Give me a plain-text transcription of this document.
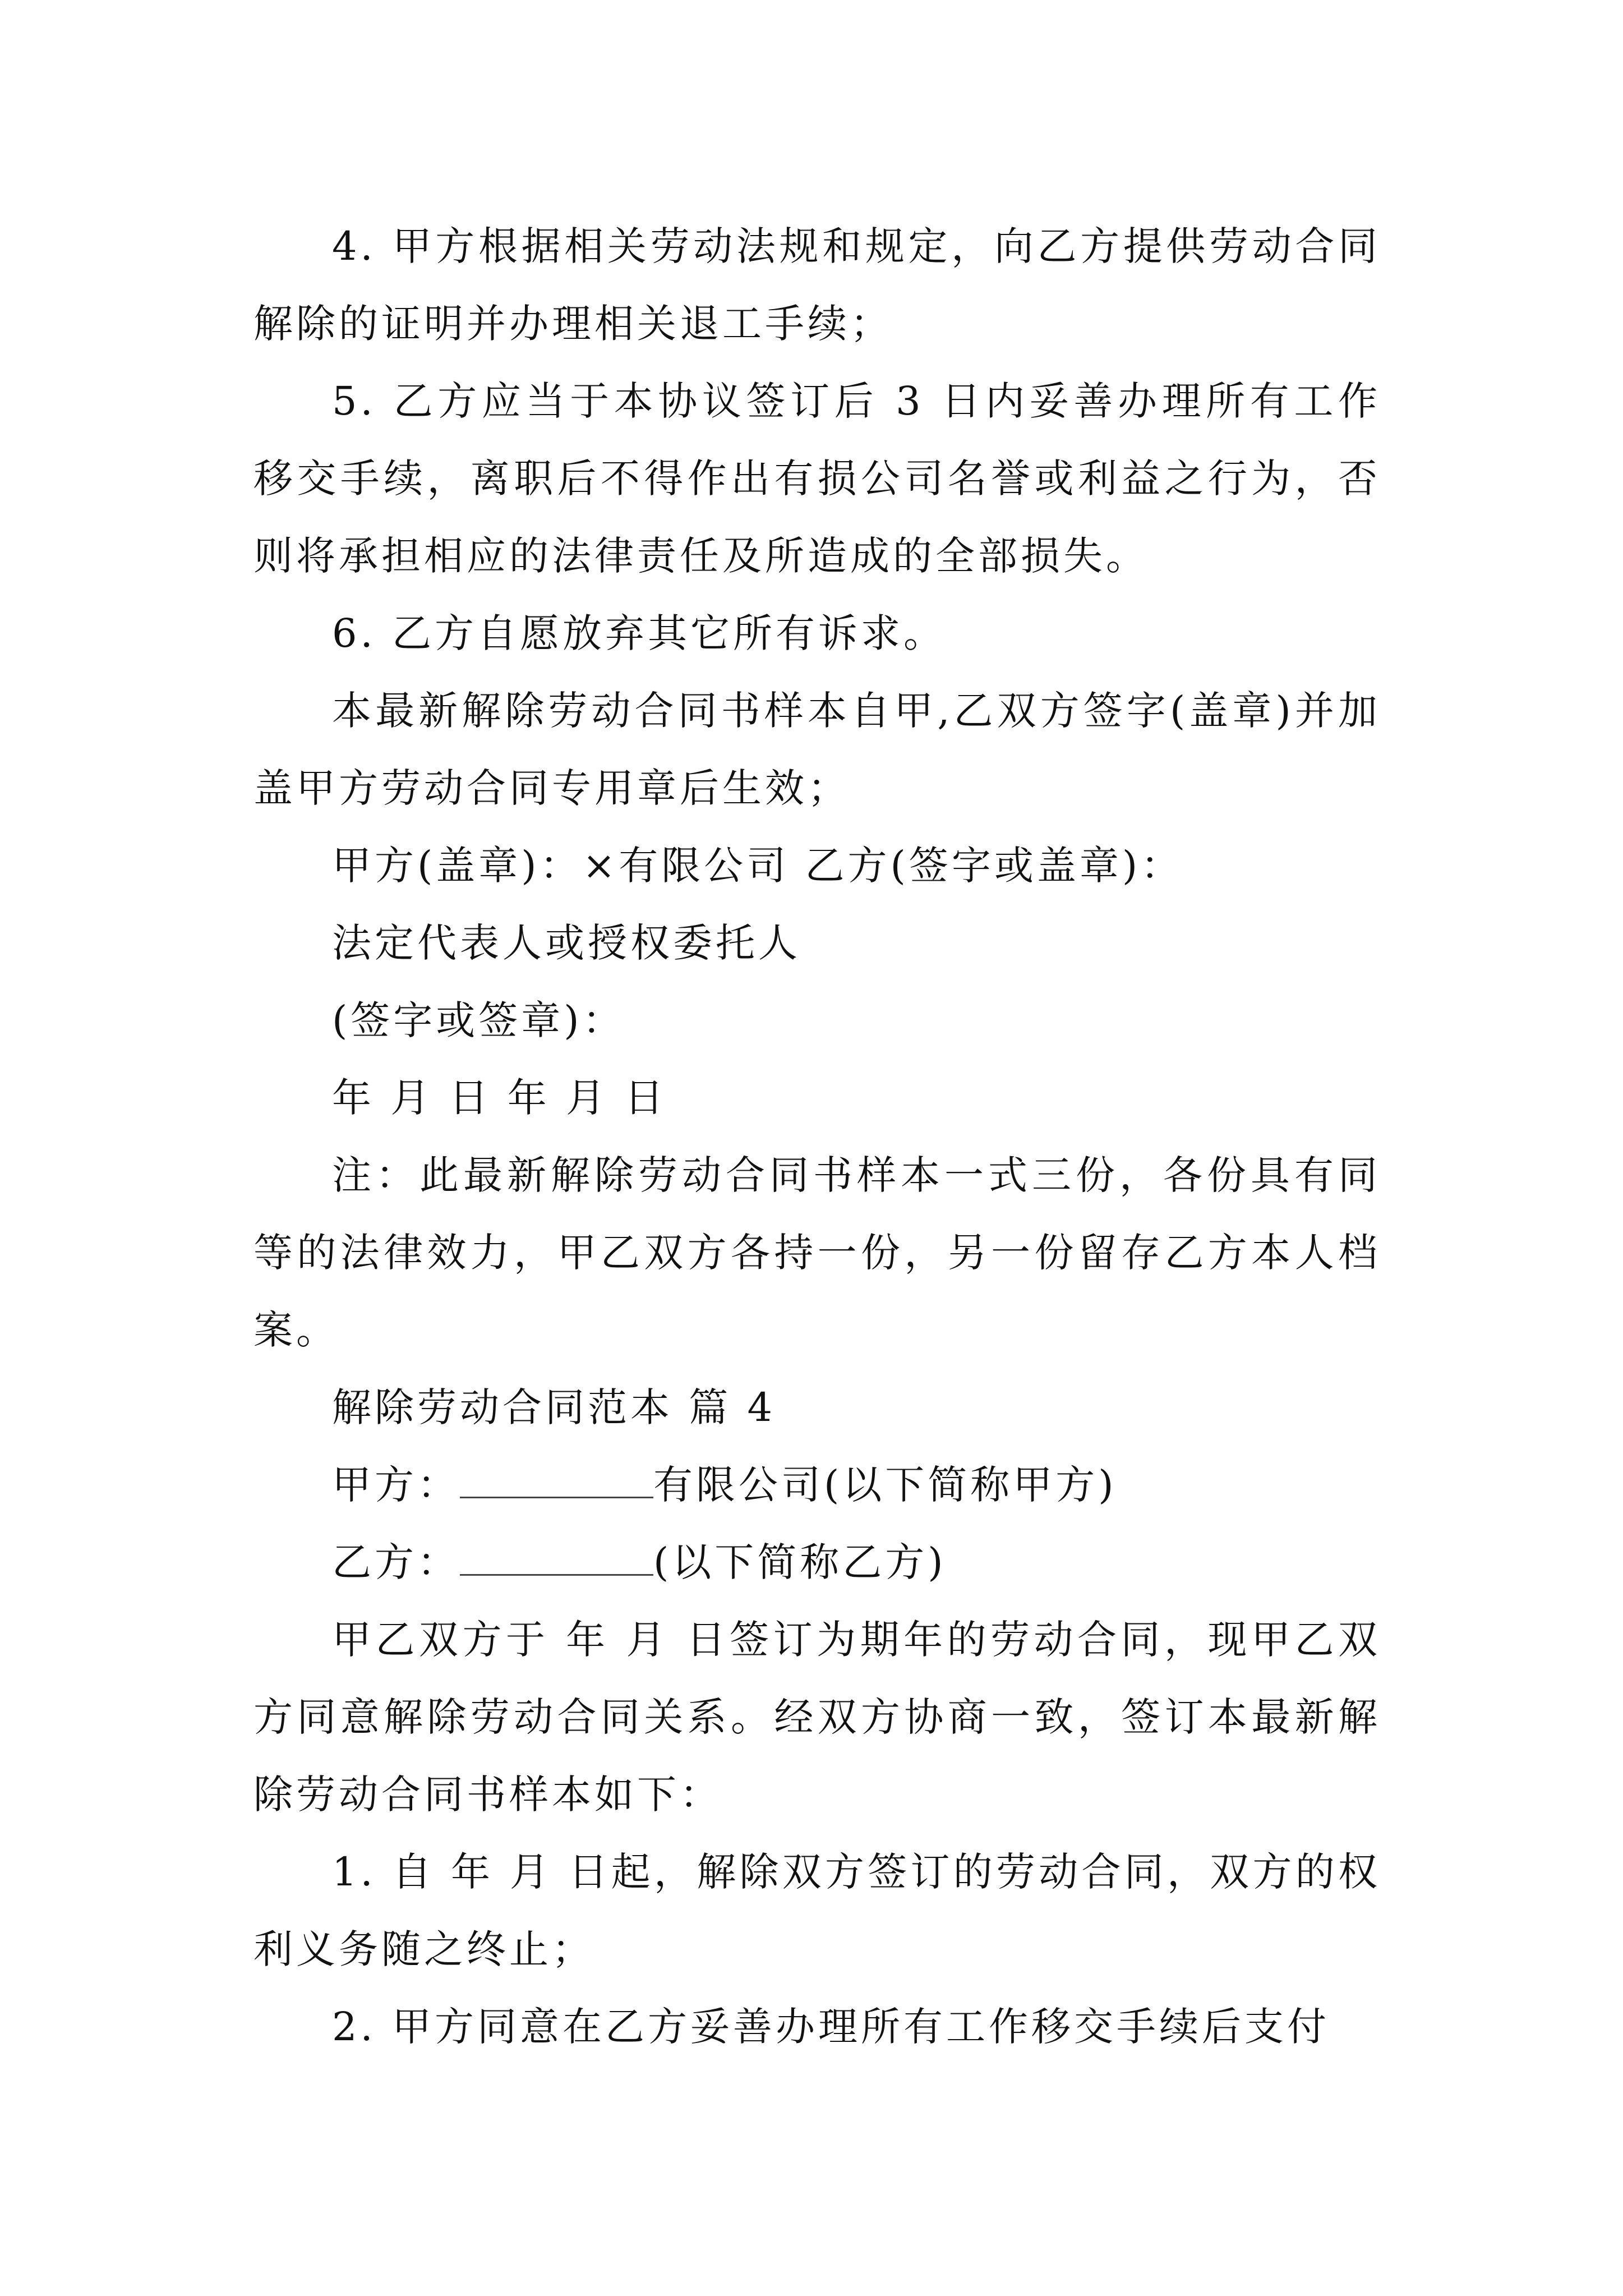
4. 甲方根据相关劳动法规和规定，向乙方提供劳动合同解除的证明并办理相关退工手续；

5. 乙方应当于本协议签订后 3 日内妥善办理所有工作移交手续，离职后不得作出有损公司名誉或利益之行为，否则将承担相应的法律责任及所造成的全部损失。

6. 乙方自愿放弃其它所有诉求。

本最新解除劳动合同书样本自甲,乙双方签字(盖章)并加盖甲方劳动合同专用章后生效；

甲方(盖章)：×有限公司 乙方(签字或盖章)：

法定代表人或授权委托人

(签字或签章)：

年 月 日 年 月 日

注：此最新解除劳动合同书样本一式三份，各份具有同等的法律效力，甲乙双方各持一份，另一份留存乙方本人档案。

解除劳动合同范本 篇 4

甲方：	有限公司(以下简称甲方)

乙方：	(以下简称乙方)

甲乙双方于 年 月 日签订为期年的劳动合同，现甲乙双方同意解除劳动合同关系。经双方协商一致，签订本最新解除劳动合同书样本如下：

1. 自 年 月 日起，解除双方签订的劳动合同，双方的权利义务随之终止；

2. 甲方同意在乙方妥善办理所有工作移交手续后支付
